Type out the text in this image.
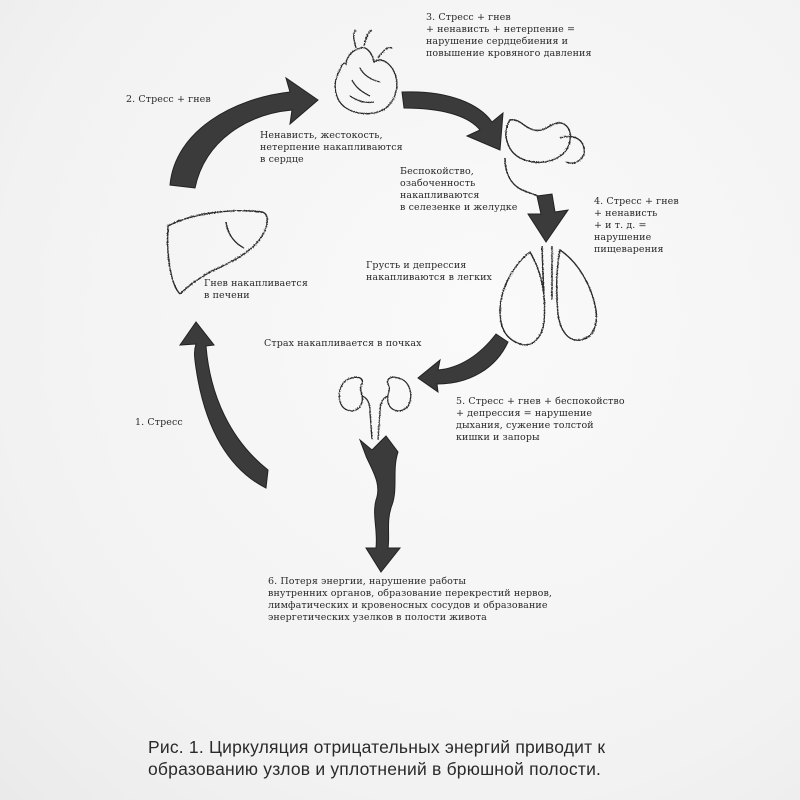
2. Стресс + гнев
3. Стресс + гнев
+ ненависть + нетерпение =
нарушение сердцебиения и
повышение кровяного давления
4. Стресс + гнев
+ ненависть
+ и т. д. =
нарушение
пищеварения
5. Стресс + гнев + беспокойство
+ депрессия = нарушение
дыхания, сужение толстой
кишки и запоры
1. Стресс
6. Потеря энергии, нарушение работы
внутренних органов, образование перекрестий нервов,
лимфатических и кровеносных сосудов и образование
энергетических узелков в полости живота
Ненависть, жестокость,
нетерпение накапливаются
в сердце
Беспокойство,
озабоченность
накапливаются
в селезенке и желудке
Грусть и депрессия
накапливаются в легких
Гнев накапливается
в печени
Страх накапливается в почках
Рис. 1. Циркуляция отрицательных энергий приводит к
образованию узлов и уплотнений в брюшной полости.
